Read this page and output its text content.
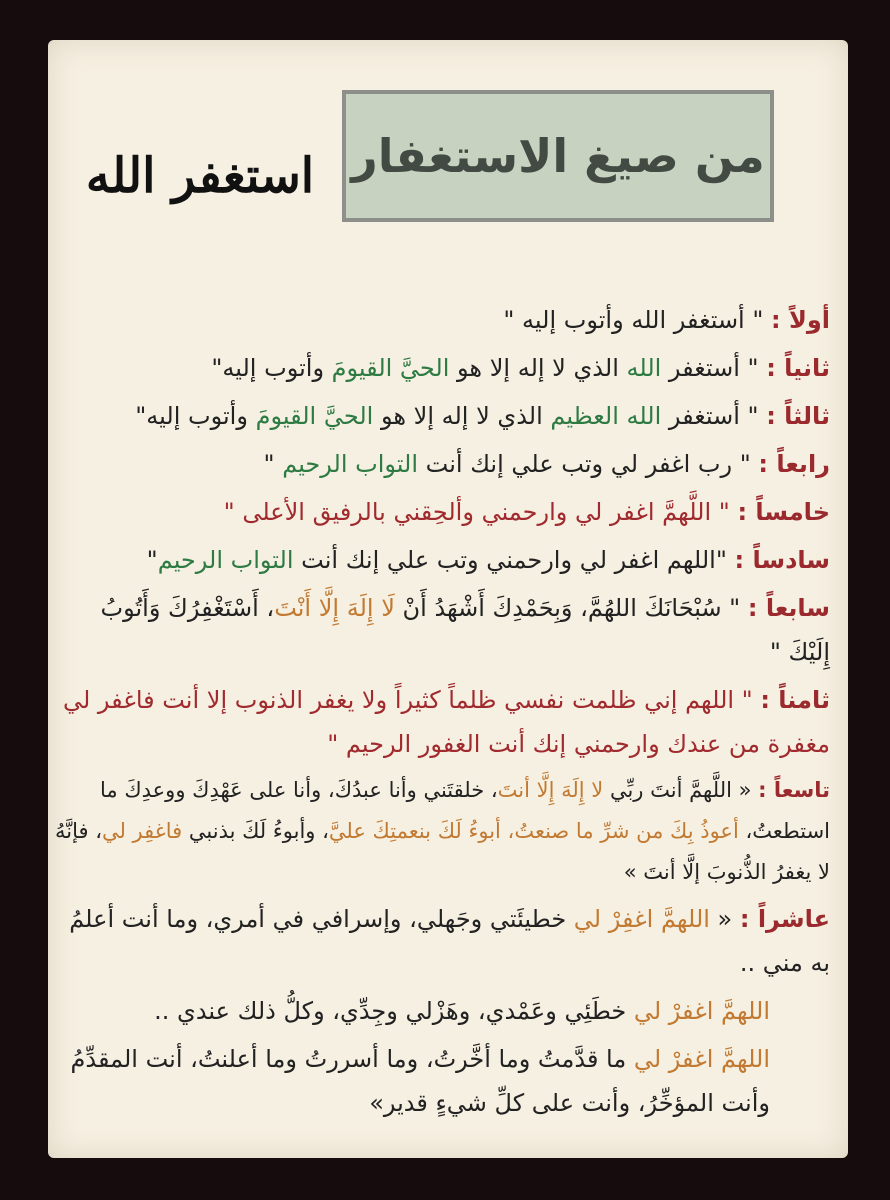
من صيغ الاستغفار
استغفر الله
أولاً : " أستغفر الله وأتوب إليه "
ثانياً : " أستغفر الله الذي لا إله إلا هو الحيَّ القيومَ وأتوب إليه"
ثالثاً : " أستغفر الله العظيم الذي لا إله إلا هو الحيَّ القيومَ وأتوب إليه"
رابعاً : " رب اغفر لي وتب علي إنك أنت التواب الرحيم "
خامساً : " اللَّهمَّ اغفر لي وارحمني وألحِقني بالرفيق الأعلى "
سادساً : "اللهم اغفر لي وارحمني وتب علي إنك أنت التواب الرحيم"
سابعاً : " سُبْحَانَكَ اللهُمَّ، وَبِحَمْدِكَ أَشْهَدُ أَنْ لَا إِلَهَ إِلَّا أَنْتَ، أَسْتَغْفِرُكَ وَأَتُوبُ إِلَيْكَ "
ثامناً : " اللهم إني ظلمت نفسي ظلماً كثيراً ولا يغفر الذنوب إلا أنت فاغفر لي مغفرة من عندك وارحمني إنك أنت الغفور الرحيم "
تاسعاً : « اللَّهمَّ أنتَ ربِّي لا إِلَهَ إِلَّا أنتَ، خلقتَني وأنا عبدُكَ، وأنا على عَهْدِكَ ووعدِكَ ما استطعتُ، أعوذُ بِكَ من شرِّ ما صنعتُ، أبوءُ لَكَ بنعمتِكَ عليَّ، وأبوءُ لَكَ بذنبي فاغفِر لي، فإنَّهُ لا يغفرُ الذُّنوبَ إلَّا أنتَ »
عاشراً : « اللهمَّ اغفِرْ لي خطيئَتي وجَهلي، وإسرافي في أمري، وما أنت أعلمُ به مني ..
اللهمَّ اغفرْ لي خطَئِي وعَمْدي، وهَزْلي وجِدِّي، وكلُّ ذلك عندي ..
اللهمَّ اغفرْ لي ما قدَّمتُ وما أخَّرتُ، وما أسررتُ وما أعلنتُ، أنت المقدِّمُ وأنت المؤخِّرُ، وأنت على كلِّ شيءٍ قدير»
